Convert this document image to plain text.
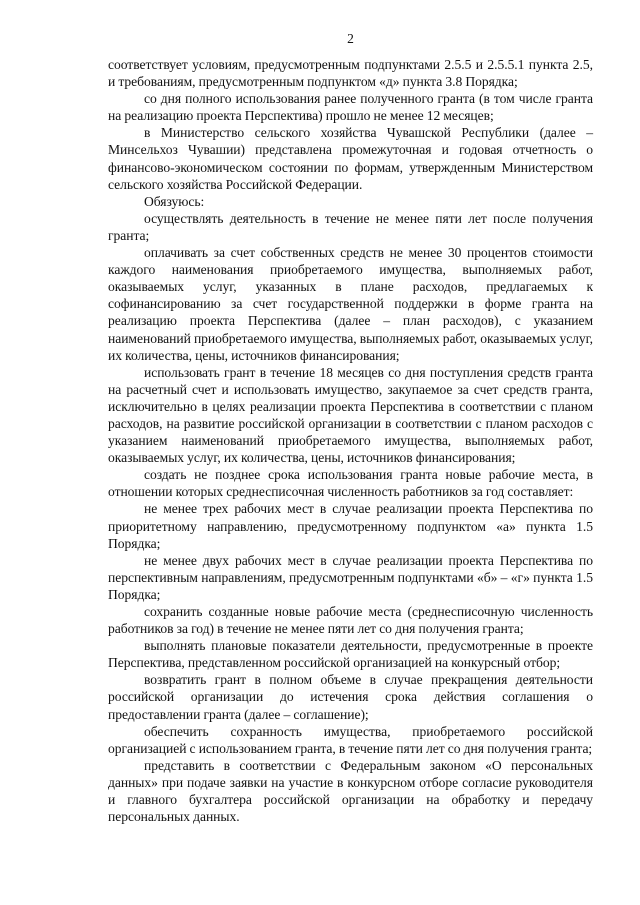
2

соответствует условиям, предусмотренным подпунктами 2.5.5 и 2.5.5.1 пункта 2.5, и требованиям, предусмотренным подпунктом «д» пункта 3.8 Порядка;

со дня полного использования ранее полученного гранта (в том числе гранта на реализацию проекта Перспектива) прошло не менее 12 месяцев;

в Министерство сельского хозяйства Чувашской Республики (далее – Минсельхоз Чувашии) представлена промежуточная и годовая отчетность о финансово-экономическом состоянии по формам, утвержденным Министерством сельского хозяйства Российской Федерации.

Обязуюсь:

осуществлять деятельность в течение не менее пяти лет после получения гранта;

оплачивать за счет собственных средств не менее 30 процентов стоимости каждого наименования приобретаемого имущества, выполняемых работ, оказываемых услуг, указанных в плане расходов, предлагаемых к софинансированию за счет государственной поддержки в форме гранта на реализацию проекта Перспектива (далее – план расходов), с указанием наименований приобретаемого имущества, выполняемых работ, оказываемых услуг, их количества, цены, источников финансирования;

использовать грант в течение 18 месяцев со дня поступления средств гранта на расчетный счет и использовать имущество, закупаемое за счет средств гранта, исключительно в целях реализации проекта Перспектива в соответствии с планом расходов, на развитие российской организации в соответствии с планом расходов с указанием наименований приобретаемого имущества, выполняемых работ, оказываемых услуг, их количества, цены, источников финансирования;

создать не позднее срока использования гранта новые рабочие места, в отношении которых среднесписочная численность работников за год составляет:

не менее трех рабочих мест в случае реализации проекта Перспектива по приоритетному направлению, предусмотренному подпунктом «а» пункта 1.5 Порядка;

не менее двух рабочих мест в случае реализации проекта Перспектива по перспективным направлениям, предусмотренным подпунктами «б» – «г» пункта 1.5 Порядка;

сохранить созданные новые рабочие места (среднесписочную численность работников за год) в течение не менее пяти лет со дня получения гранта;

выполнять плановые показатели деятельности, предусмотренные в проекте Перспектива, представленном российской организацией на конкурсный отбор;

возвратить грант в полном объеме в случае прекращения деятельности российской организации до истечения срока действия соглашения о предоставлении гранта (далее – соглашение);

обеспечить сохранность имущества, приобретаемого российской организацией с использованием гранта, в течение пяти лет со дня получения гранта;

представить в соответствии с Федеральным законом «О персональных данных» при подаче заявки на участие в конкурсном отборе согласие руководителя и главного бухгалтера российской организации на обработку и передачу персональных данных.
